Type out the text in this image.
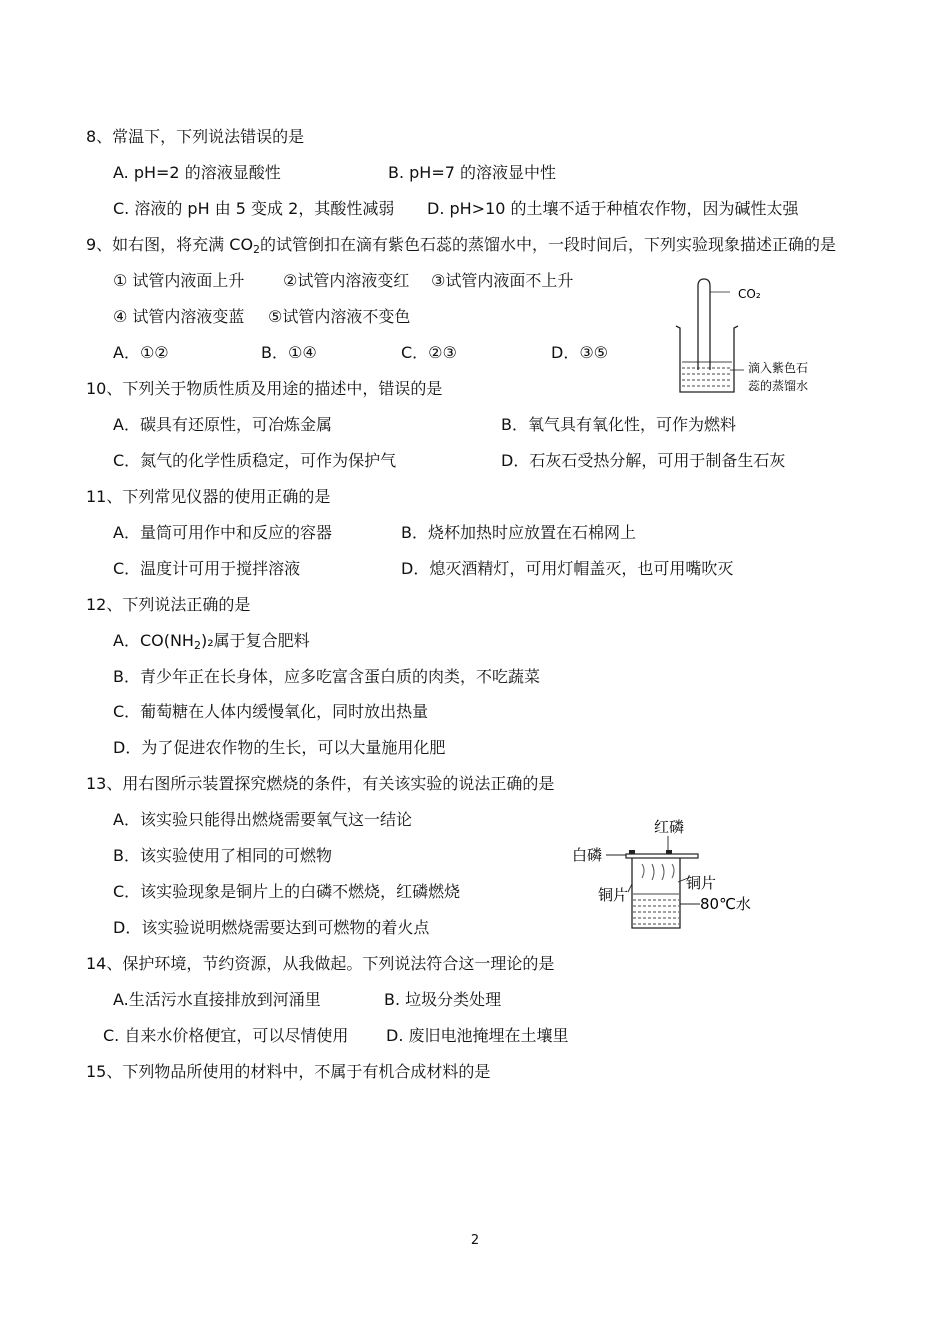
8、常温下，下列说法错误的是
A. pH=2 的溶液显酸性	B. pH=7 的溶液显中性
C. 溶液的 pH 由 5 变成 2，其酸性减弱 D. pH>10 的土壤不适于种植农作物，因为碱性太强
9、如右图，将充满 $CO_2$的试管倒扣在滴有紫色石蕊的蒸馏水中，一段时间后，下列实验现象描述正确的是
① 试管内液面上升 ②试管内溶液变红 ③试管内液面不上升
④ 试管内溶液变蓝 ⑤试管内溶液不变色
A．①②	B．①④	C．②③	D．③⑤
CO₂
滴入紫色石
蕊的蒸馏水
10、下列关于物质性质及用途的描述中，错误的是
A．碳具有还原性，可冶炼金属	B．氧气具有氧化性，可作为燃料
C．氮气的化学性质稳定，可作为保护气	D．石灰石受热分解，可用于制备生石灰
11、下列常见仪器的使用正确的是
A．量筒可用作中和反应的容器	B．烧杯加热时应放置在石棉网上
C．温度计可用于搅拌溶液	D．熄灭酒精灯，可用灯帽盖灭，也可用嘴吹灭
12、下列说法正确的是
A．$CO(NH_2)_2$属于复合肥料
B．青少年正在长身体，应多吃富含蛋白质的肉类，不吃蔬菜
C．葡萄糖在人体内缓慢氧化，同时放出热量
D．为了促进农作物的生长，可以大量施用化肥
13、用右图所示装置探究燃烧的条件，有关该实验的说法正确的是
A．该实验只能得出燃烧需要氧气这一结论
B．该实验使用了相同的可燃物
C．该实验现象是铜片上的白磷不燃烧，红磷燃烧
D．该实验说明燃烧需要达到可燃物的着火点
红磷
白磷
铜片
铜片	80℃水
14、保护环境，节约资源，从我做起。下列说法符合这一理论的是
A.生活污水直接排放到河涌里	B. 垃圾分类处理
C. 自来水价格便宜，可以尽情使用 D. 废旧电池掩埋在土壤里
15、下列物品所使用的材料中，不属于有机合成材料的是
2
